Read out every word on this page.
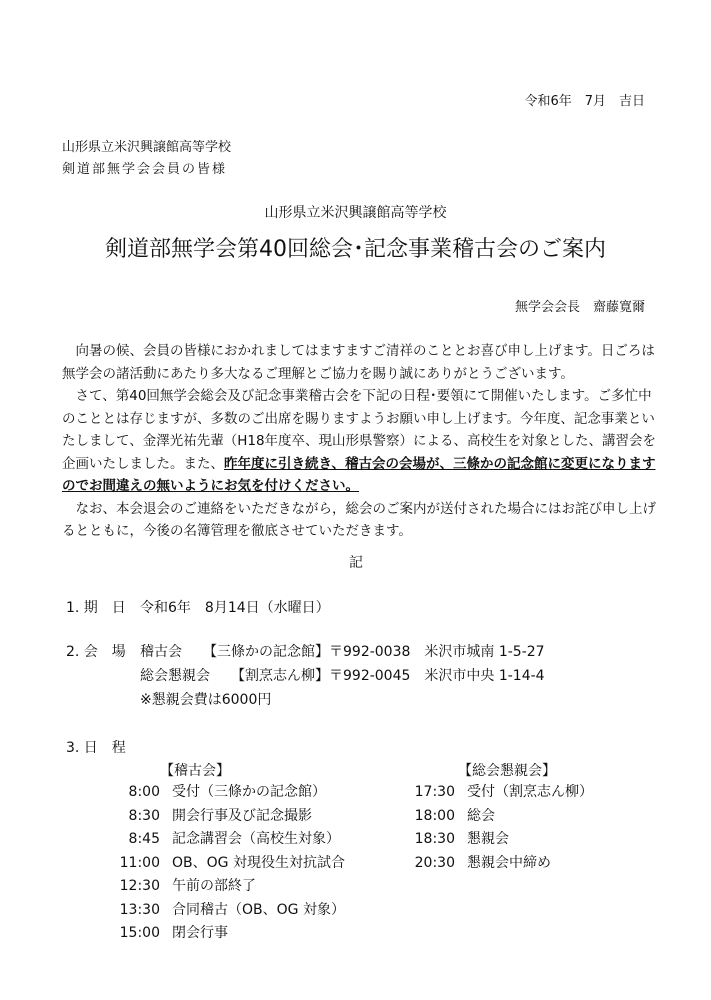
令和6年　7月　吉日
山形県立米沢興譲館高等学校
剣道部無学会会員の皆様
山形県立米沢興譲館高等学校
剣道部無学会第40回総会･記念事業稽古会のご案内
無学会会長　齋藤寛爾

向暑の候、会員の皆様におかれましてはますますご清祥のこととお喜び申し上げます。日ごろは無学会の諸活動にあたり多大なるご理解とご協力を賜り誠にありがとうございます。

さて、第40回無学会総会及び記念事業稽古会を下記の日程･要領にて開催いたします。ご多忙中のこととは存じますが、多数のご出席を賜りますようお願い申し上げます。今年度、記念事業といたしまして、金澤光祐先輩（H18年度卒、現山形県警察）による、高校生を対象とした、講習会を企画いたしました。また、昨年度に引き続き、稽古会の会場が、三條かの記念館に変更になりますのでお間違えの無いようにお気を付けください。

なお、本会退会のご連絡をいただきながら，総会のご案内が送付された場合にはお詫び申し上げるとともに，今後の名簿管理を徹底させていただきます。

記
1. 期　日 令和6年　8月14日（水曜日）
2. 会　場 稽古会　　【三條かの記念館】〒992-0038　米沢市城南 1-5-27
総会懇親会　　【割烹志ん柳】〒992-0045　米沢市中央 1-14-4
※懇親会費は6000円
3. 日　程
【稽古会】	【総会懇親会】
8:00 受付（三條かの記念館）
8:30 開会行事及び記念撮影
8:45 記念講習会（高校生対象）
11:00 OB、OG 対現役生対抗試合
12:30 午前の部終了
13:30 合同稽古（OB、OG 対象）
15:00 閉会行事
17:30 受付（割烹志ん柳）
18:00 総会
18:30 懇親会
20:30 懇親会中締め
